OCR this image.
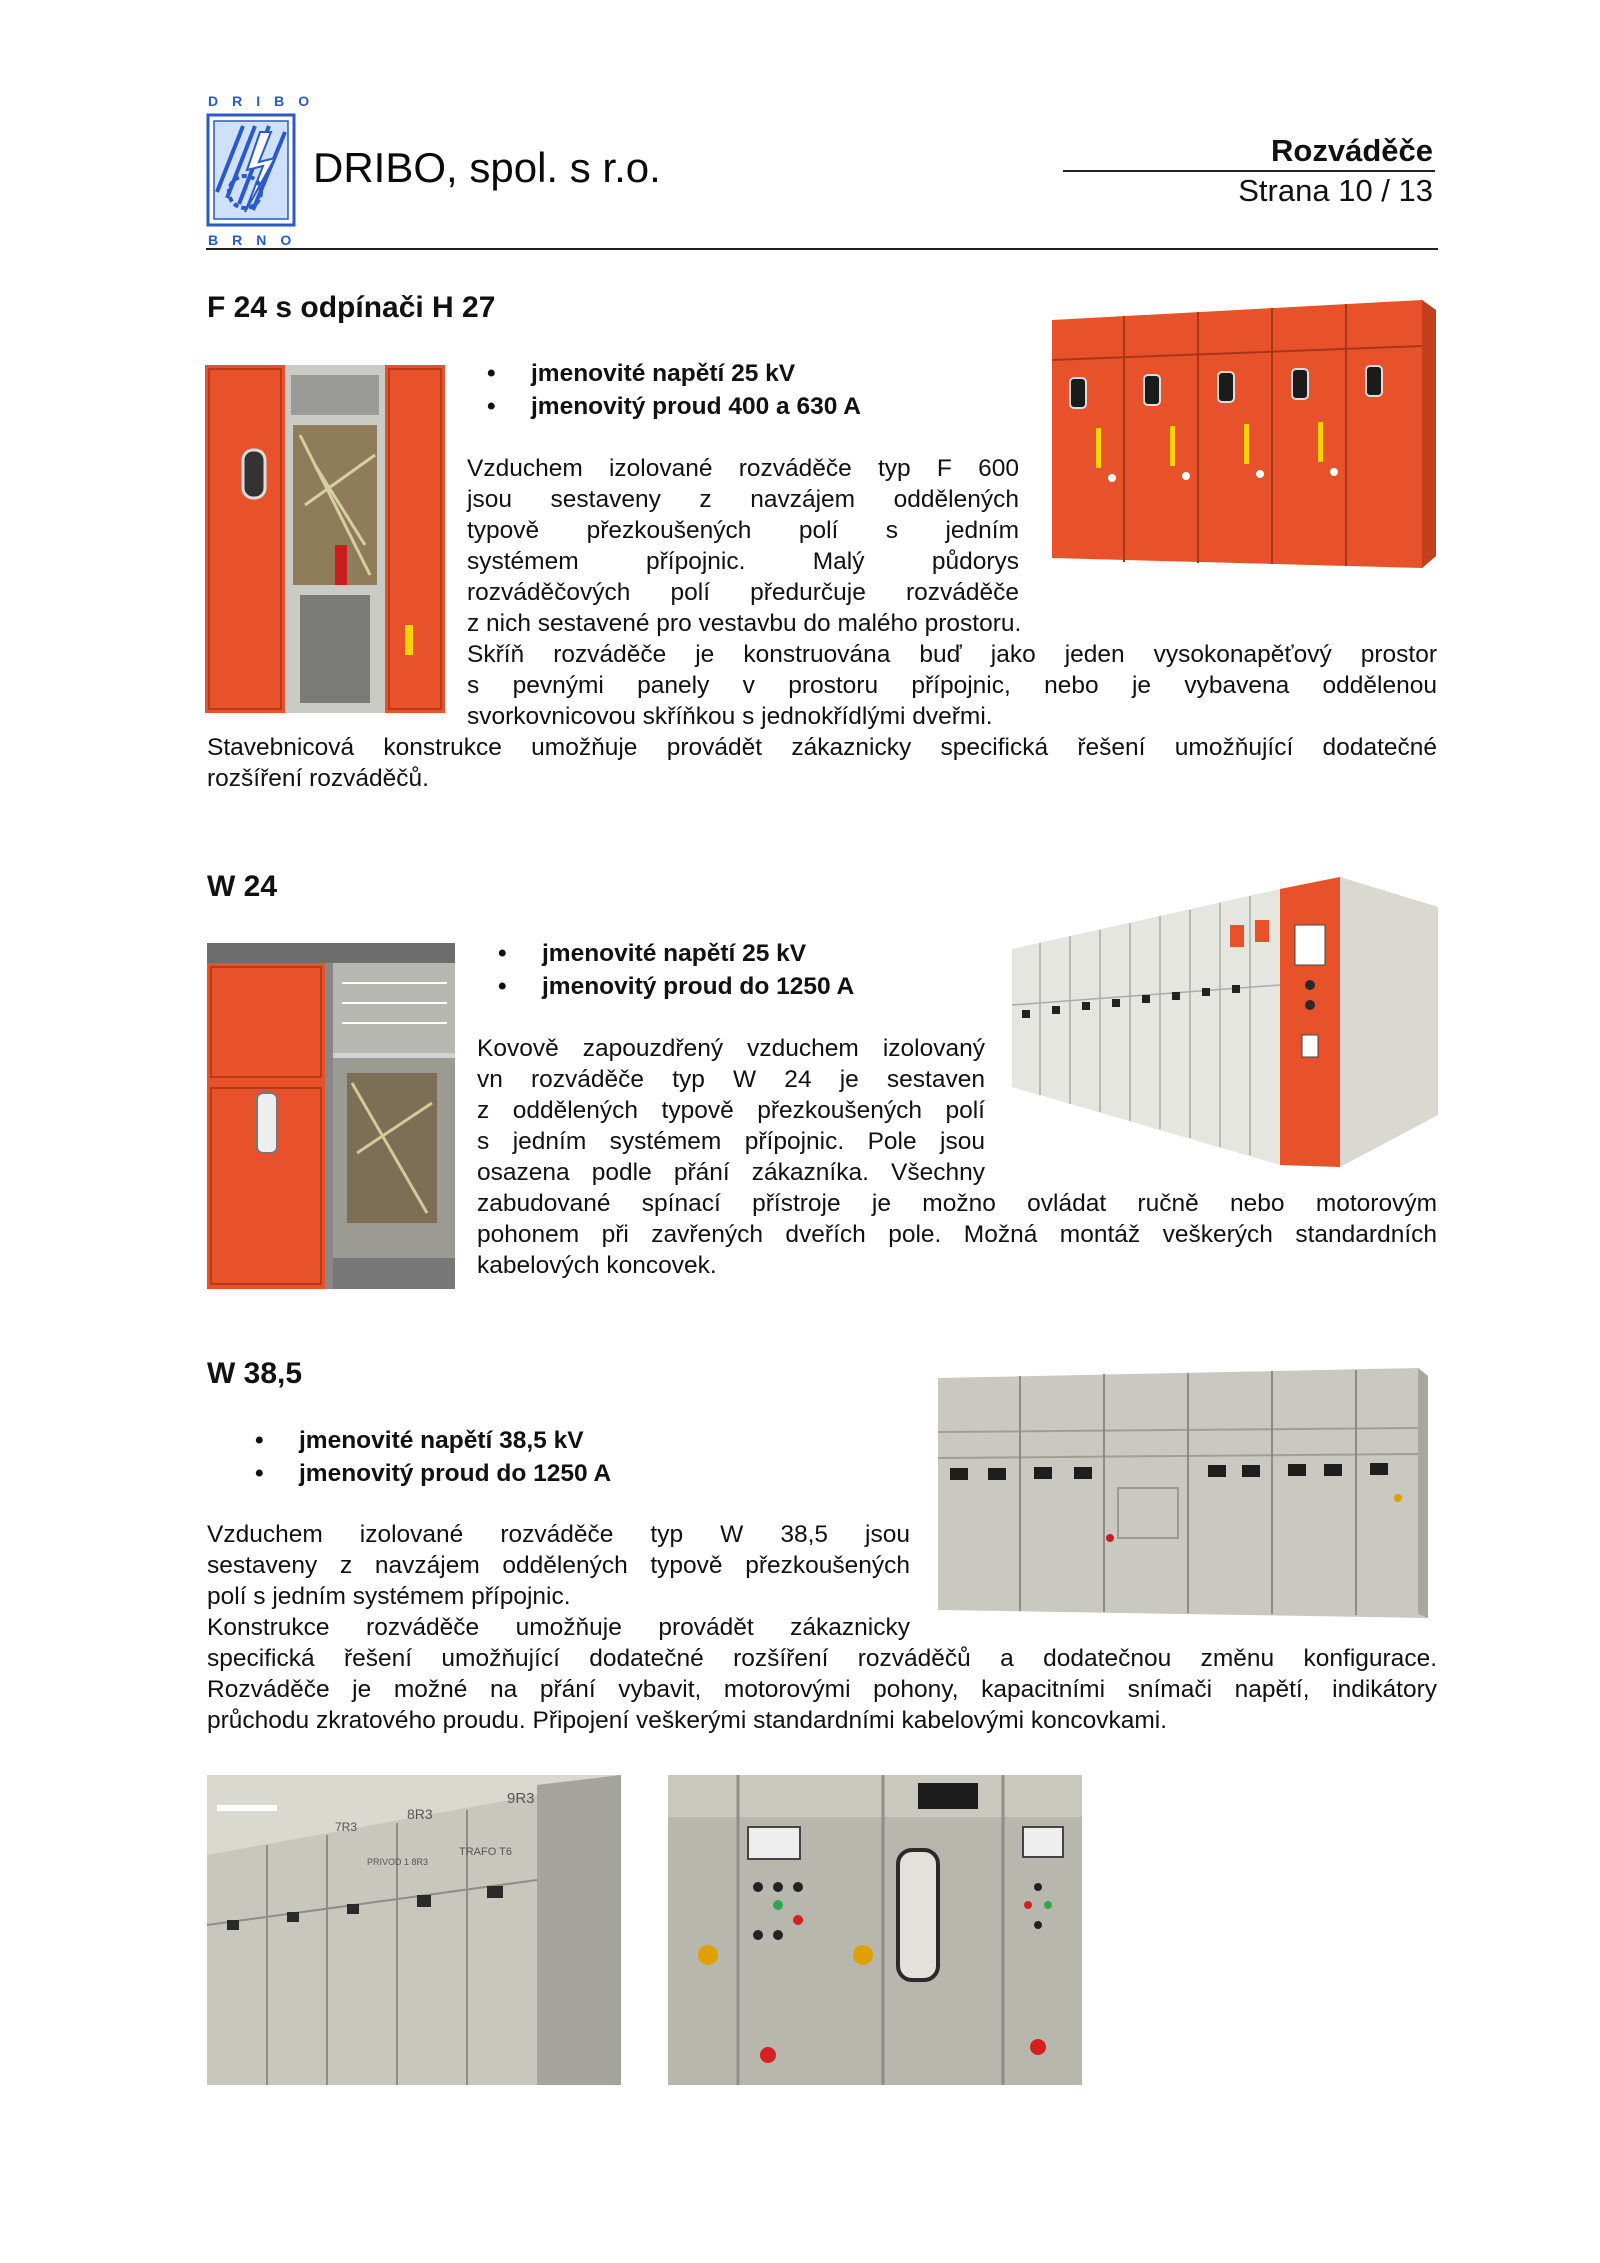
DRIBO
BRNO
DRIBO, spol. s r.o.	Rozváděče
Strana 10 / 13
F 24 s odpínači H 27
• jmenovité napětí 25 kV
• jmenovitý proud 400 a 630 A
Vzduchem izolované rozváděče typ F 600
jsou sestaveny z navzájem oddělených
typově přezkoušených polí s jedním
systémem přípojnic. Malý půdorys
rozváděčových polí předurčuje rozváděče
z nich sestavené pro vestavbu do malého prostoru.
Skříň rozváděče je konstruována buď jako jeden vysokonapěťový prostor
s pevnými panely v prostoru přípojnic, nebo je vybavena oddělenou
svorkovnicovou skříňkou s jednokřídlými dveřmi.
Stavebnicová konstrukce umožňuje provádět zákaznicky specifická řešení umožňující dodatečné
rozšíření rozváděčů.
W 24
• jmenovité napětí 25 kV
• jmenovitý proud do 1250 A
Kovově zapouzdřený vzduchem izolovaný
vn rozváděče typ W 24 je sestaven
z oddělených typově přezkoušených polí
s jedním systémem přípojnic. Pole jsou
osazena podle přání zákazníka. Všechny
zabudované spínací přístroje je možno ovládat ručně nebo motorovým
pohonem při zavřených dveřích pole. Možná montáž veškerých standardních
kabelových koncovek.
W 38,5
• jmenovité napětí 38,5 kV
• jmenovitý proud do 1250 A
Vzduchem izolované rozváděče typ W 38,5 jsou
sestaveny z navzájem oddělených typově přezkoušených
polí s jedním systémem přípojnic.
Konstrukce rozváděče umožňuje provádět zákaznicky
specifická řešení umožňující dodatečné rozšíření rozváděčů a dodatečnou změnu konfigurace.
Rozváděče je možné na přání vybavit, motorovými pohony, kapacitními snímači napětí, indikátory
průchodu zkratového proudu. Připojení veškerými standardními kabelovými koncovkami.
9R3
8R3
7R3
TRAFO T6
PRIVOD 1 8R3
